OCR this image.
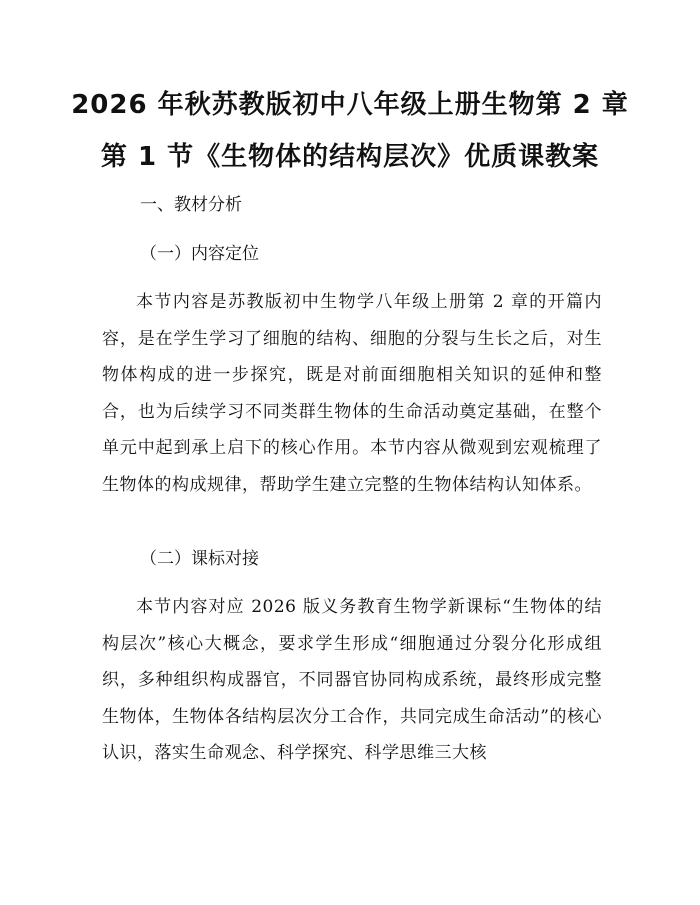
2026 年秋苏教版初中八年级上册生物第 2 章
第 1 节《生物体的结构层次》优质课教案
一、教材分析
（一）内容定位

本节内容是苏教版初中生物学八年级上册第 2 章的开篇内容，是在学生学习了细胞的结构、细胞的分裂与生长之后，对生物体构成的进一步探究，既是对前面细胞相关知识的延伸和整合，也为后续学习不同类群生物体的生命活动奠定基础，在整个单元中起到承上启下的核心作用。本节内容从微观到宏观梳理了生物体的构成规律，帮助学生建立完整的生物体结构认知体系。

（二）课标对接

本节内容对应 2026 版义务教育生物学新课标“生物体的结构层次”核心大概念，要求学生形成“细胞通过分裂分化形成组织，多种组织构成器官，不同器官协同构成系统，最终形成完整生物体，生物体各结构层次分工合作，共同完成生命活动”的核心认识，落实生命观念、科学探究、科学思维三大核
